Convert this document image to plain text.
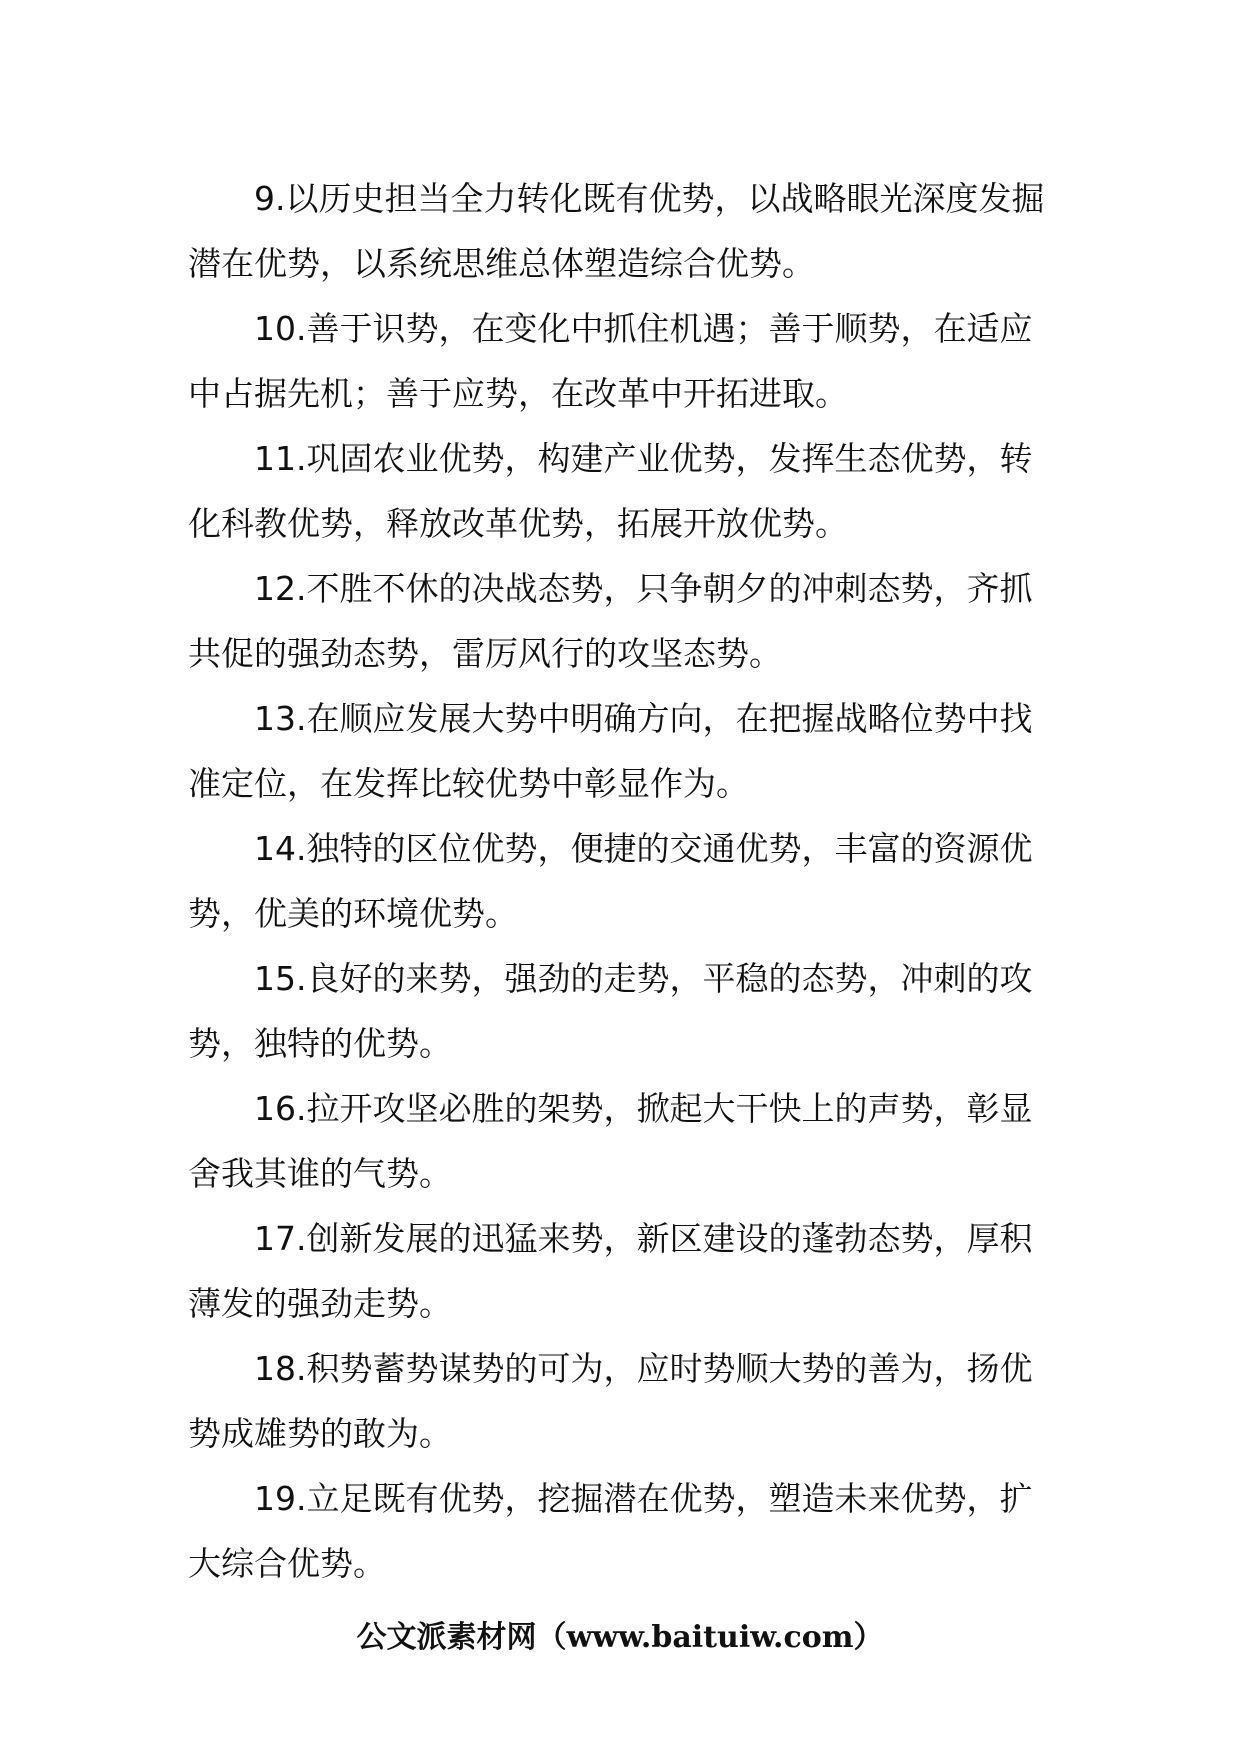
9.以历史担当全力转化既有优势，以战略眼光深度发掘潜在优势，以系统思维总体塑造综合优势。

10.善于识势，在变化中抓住机遇；善于顺势，在适应中占据先机；善于应势，在改革中开拓进取。

11.巩固农业优势，构建产业优势，发挥生态优势，转化科教优势，释放改革优势，拓展开放优势。

12.不胜不休的决战态势，只争朝夕的冲刺态势，齐抓共促的强劲态势，雷厉风行的攻坚态势。

13.在顺应发展大势中明确方向，在把握战略位势中找准定位，在发挥比较优势中彰显作为。

14.独特的区位优势，便捷的交通优势，丰富的资源优势，优美的环境优势。

15.良好的来势，强劲的走势，平稳的态势，冲刺的攻势，独特的优势。

16.拉开攻坚必胜的架势，掀起大干快上的声势，彰显舍我其谁的气势。

17.创新发展的迅猛来势，新区建设的蓬勃态势，厚积薄发的强劲走势。

18.积势蓄势谋势的可为，应时势顺大势的善为，扬优势成雄势的敢为。

19.立足既有优势，挖掘潜在优势，塑造未来优势，扩大综合优势。

公文派素材网（www.baituiw.com）
